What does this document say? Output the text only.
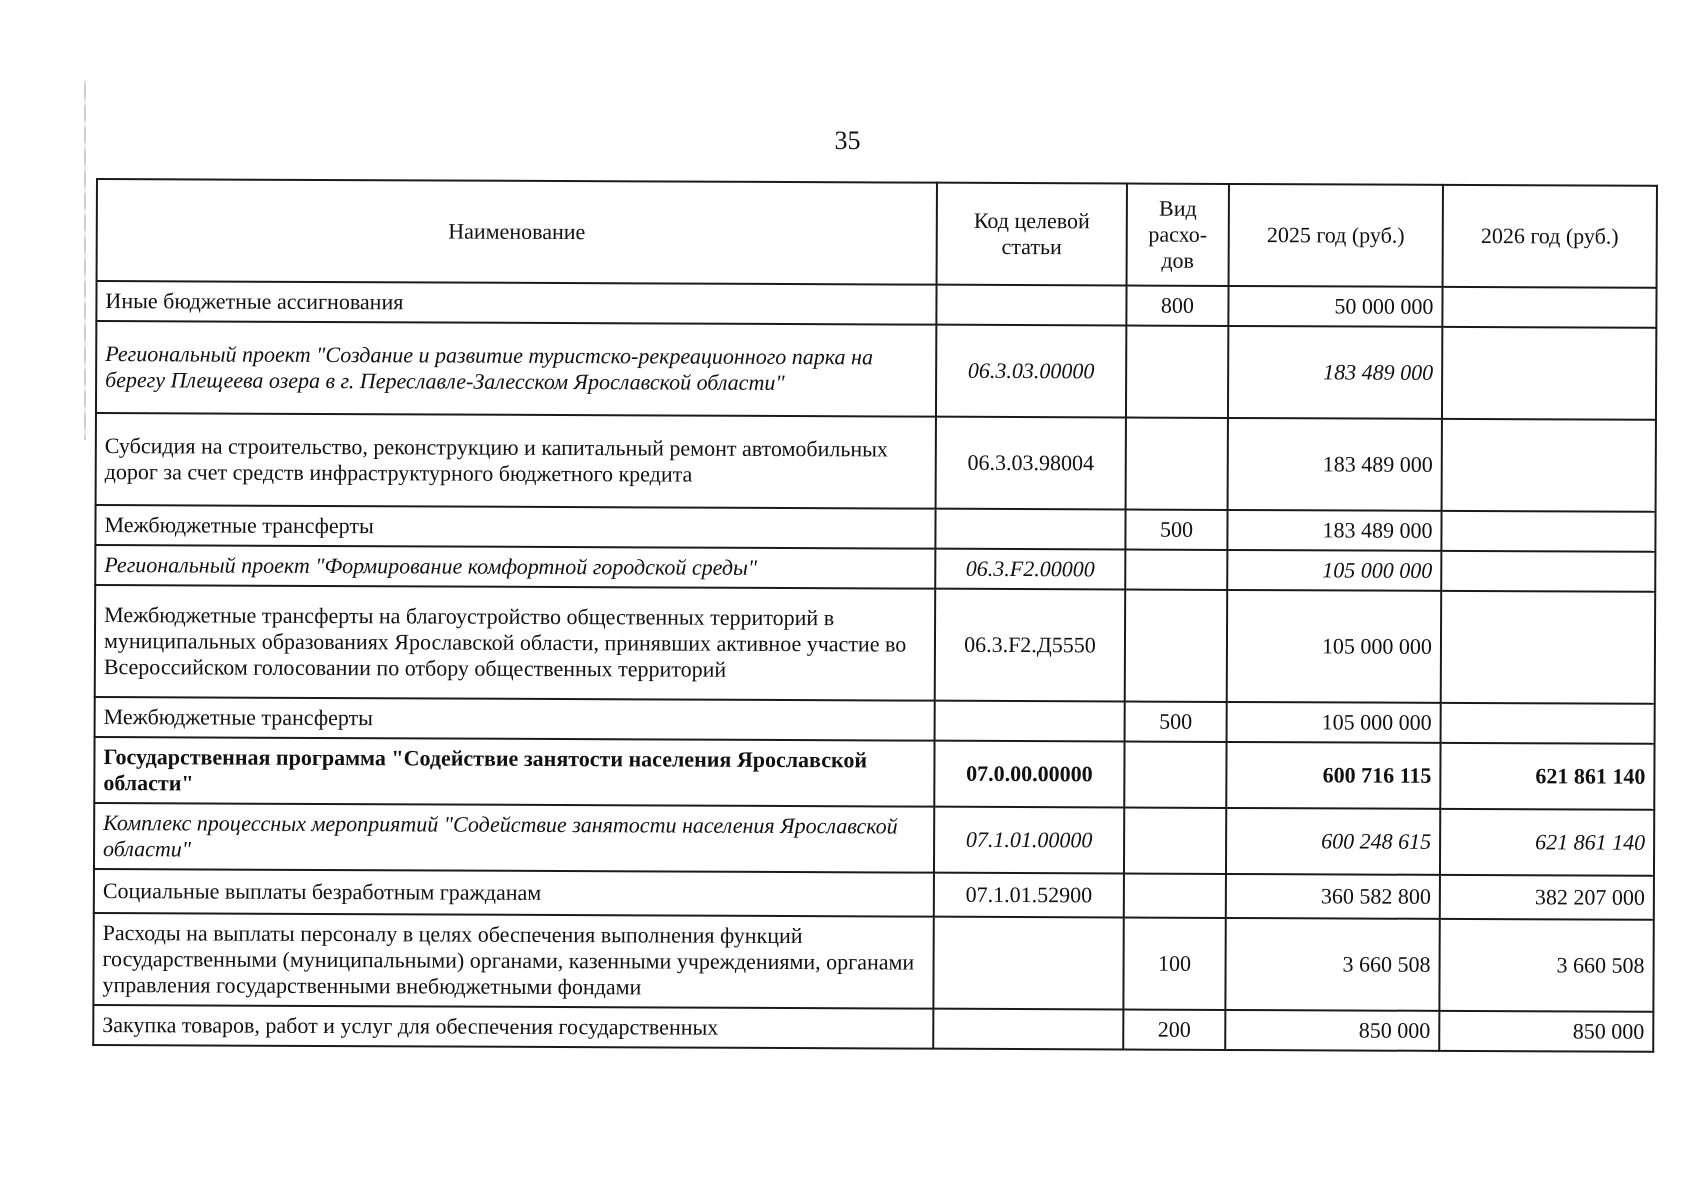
35
Наименование	Код целевой статьи	Вид расхо-дов	2025 год (руб.)	2026 год (руб.)
Иные бюджетные ассигнования		800	50 000 000	
Региональный проект "Создание и развитие туристско-рекреационного парка на берегу Плещеева озера в г. Переславле-Залесском Ярославской области"	06.3.03.00000		183 489 000	
Субсидия на строительство, реконструкцию и капитальный ремонт автомобильных дорог за счет средств инфраструктурного бюджетного кредита	06.3.03.98004		183 489 000	
Межбюджетные трансферты		500	183 489 000	
Региональный проект "Формирование комфортной городской среды"	06.3.F2.00000		105 000 000	
Межбюджетные трансферты на благоустройство общественных территорий в муниципальных образованиях Ярославской области, принявших активное участие во Всероссийском голосовании по отбору общественных территорий	06.3.F2.Д5550		105 000 000	
Межбюджетные трансферты		500	105 000 000	
Государственная программа "Содействие занятости населения Ярославской области"	07.0.00.00000		600 716 115	621 861 140
Комплекс процессных мероприятий "Содействие занятости населения Ярославской области"	07.1.01.00000		600 248 615	621 861 140
Социальные выплаты безработным гражданам	07.1.01.52900		360 582 800	382 207 000
Расходы на выплаты персоналу в целях обеспечения выполнения функций государственными (муниципальными) органами, казенными учреждениями, органами управления государственными внебюджетными фондами		100	3 660 508	3 660 508
Закупка товаров, работ и услуг для обеспечения государственных		200	850 000	850 000
